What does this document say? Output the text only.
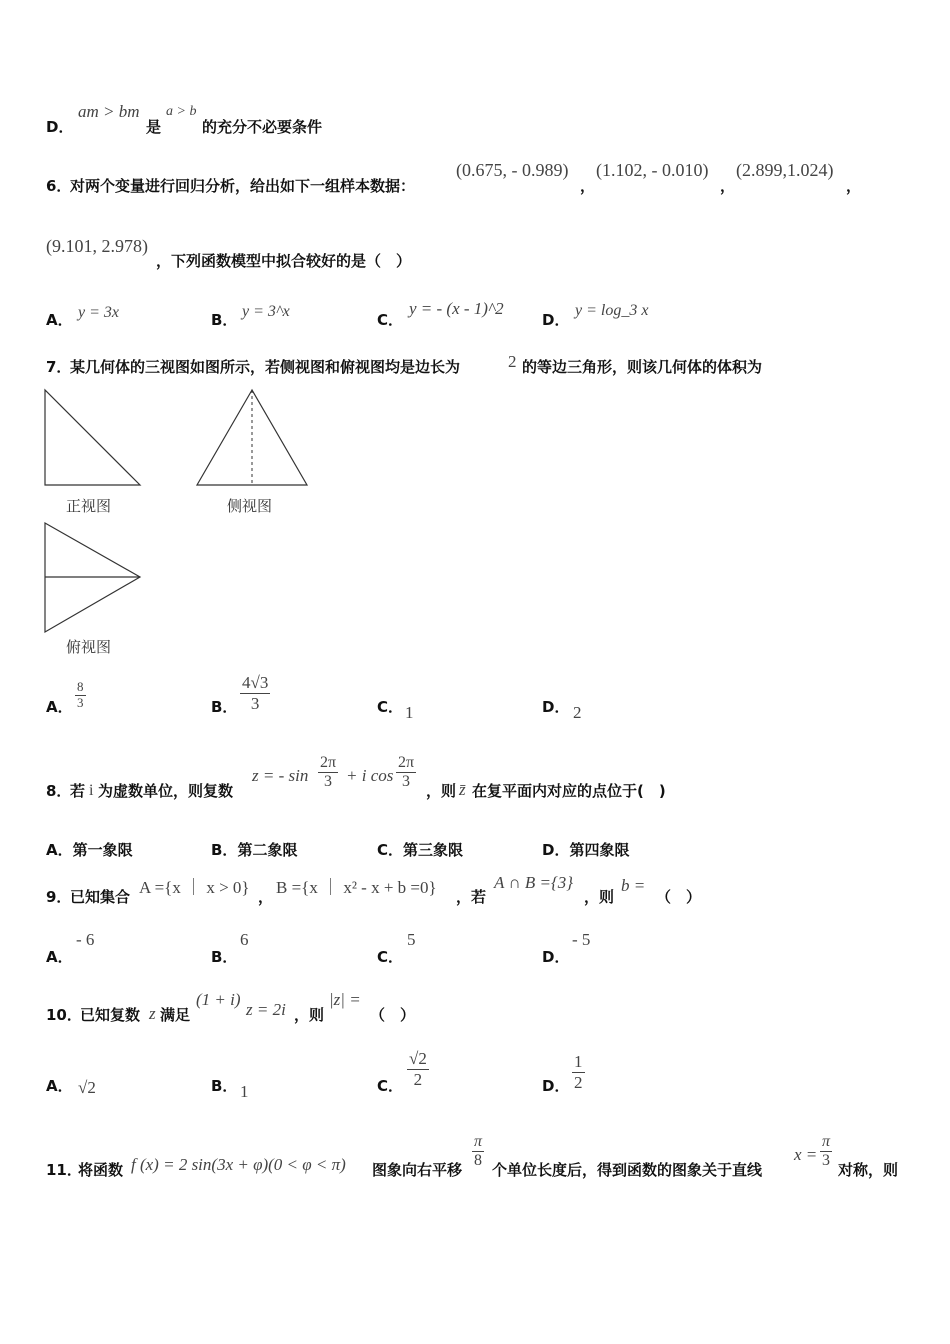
D．
am > bm
是
a > b
的充分不必要条件
6．
对两个变量进行回归分析，给出如下一组样本数据：
(0.675, - 0.989)
，
(1.102, - 0.010)
，
(2.899,1.024)
，
(9.101, 2.978)
，下列函数模型中拟合较好的是（　）
A． y = 3x	B． y = 3^x	C．
y = - (x - 1)^2
D．
y = log_3 x
7．
某几何体的三视图如图所示，若侧视图和俯视图均是边长为	2 的等边三角形，则该几何体的体积为
正视图	侧视图
俯视图
A． $\frac{8}{3}$	B． $\frac{4√3}{3}$	C． 1	D． 2
8．
若 i 为虚数单位，则复数
z = - $\sin \frac{2\pi}{3} + i$ $\cos \frac{2\pi}{3}$ ，则 z̄ 在复平面内对应的点位于(　)
A．第一象限	B．第二象限	C．第三象限	D．第四象限
9．
已知集合 A ={x ｜ x > 0} ， B ={x ｜ x² - x + b =0} ，若
A ∩ B ={3}
，则
b =
（　）
A．
- 6
B．
6
C．
5
D．
- 5
10．
已知复数 z 满足
(1 + i)
z = 2i ，则
|z| =
（　）
A． √2	B． 1	C． $\frac{√2}{2}$	D． $\frac{1}{2}$
11．
将函数 f (x) = 2 sin(3x + φ)(0 < φ < π) 图象向右平移 $\frac{\pi}{8}$ 个单位长度后，得到函数的图象关于直线
$x = \frac{\pi}{3}$ 对称，则
